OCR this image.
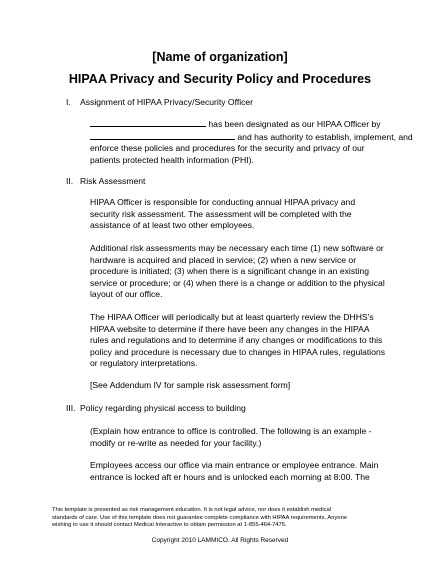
[Name of organization]
HIPAA Privacy and Security Policy and Procedures
I. Assignment of HIPAA Privacy/Security Officer
has been designated as our HIPAA Officer by
and has authority to establish, implement, and
enforce these policies and procedures for the security and privacy of our
patients protected health information (PHI).
II. Risk Assessment
HIPAA Officer is responsible for conducting annual HIPAA privacy and
security risk assessment. The assessment will be completed with the
assistance of at least two other employees.
Additional risk assessments may be necessary each time (1) new software or
hardware is acquired and placed in service; (2) when a new service or
procedure is initiated; (3) when there is a significant change in an existing
service or procedure; or (4) when there is a change or addition to the physical
layout of our office.
The HIPAA Officer will periodically but at least quarterly review the DHHS’s
HIPAA website to determine if there have been any changes in the HIPAA
rules and regulations and to determine if any changes or modifications to this
policy and procedure is necessary due to changes in HIPAA rules, regulations
or regulatory interpretations.
[See Addendum IV for sample risk assessment form]
III. Policy regarding physical access to building
(Explain how entrance to office is controlled. The following is an example -
modify or re-write as needed for your facility.)
Employees access our office via main entrance or employee entrance. Main
entrance is locked aft er hours and is unlocked each morning at 8:00. The
This template is presented as risk management education. It is not legal advice, nor does it establish medical
standards of care. Use of this template does not guarantee complete compliance with HIPAA requirements. Anyone
wishing to use it should contact Medical Interactive to obtain permission at 1-855-464-7475.
Copyright 2010 LAMMICO. All Rights Reserved
